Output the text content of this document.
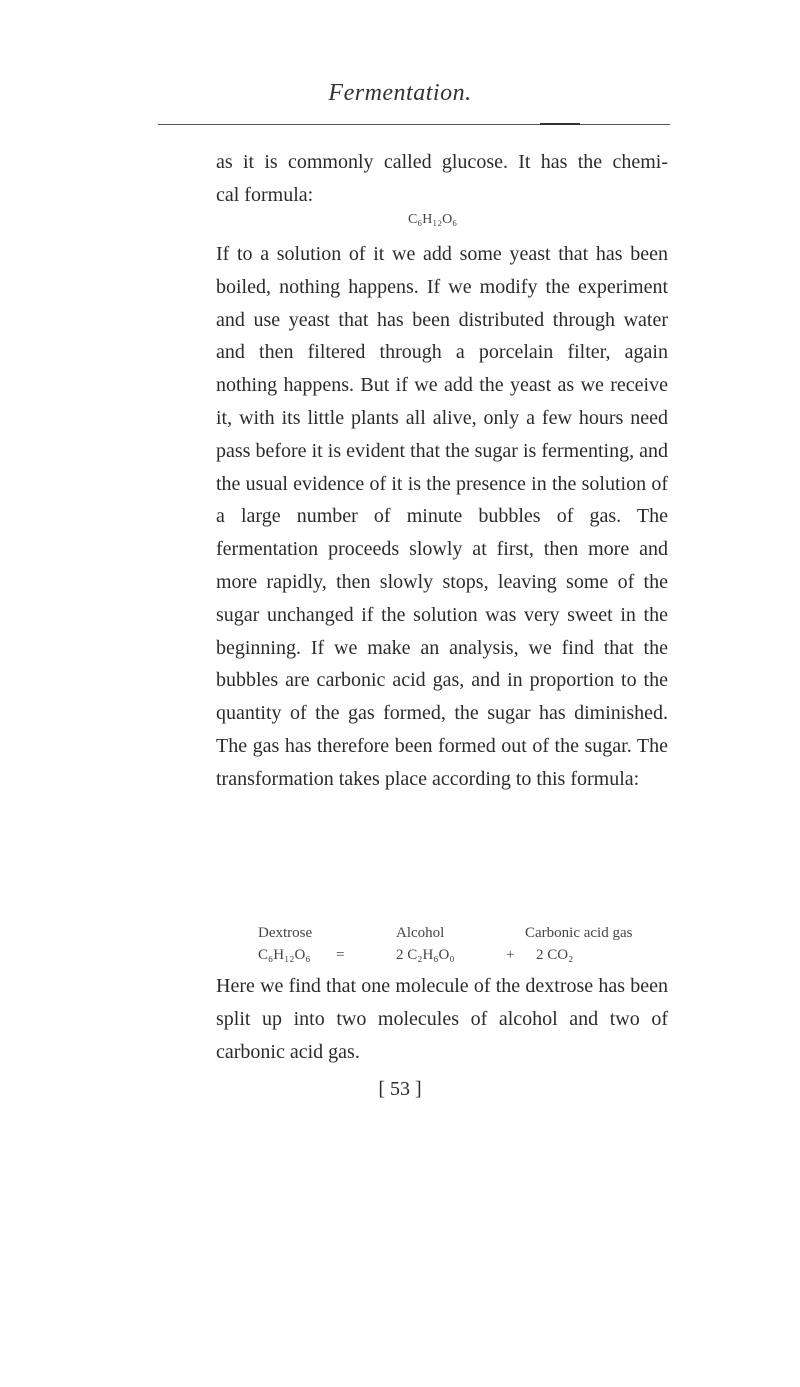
Fermentation.

as it is commonly called glucose. It has the chemi-

cal formula:

C₆H₁₂O₆

If to a solution of it we add some yeast that has been boiled, nothing happens. If we modify the experiment and use yeast that has been distributed through water and then filtered through a porcelain filter, again nothing happens. But if we add the yeast as we receive it, with its little plants all alive, only a few hours need pass before it is evident that the sugar is fermenting, and the usual evidence of it is the presence in the solution of a large number of minute bubbles of gas. The fermentation proceeds slowly at first, then more and more rapidly, then slowly stops, leaving some of the sugar unchanged if the solution was very sweet in the beginning. If we make an analysis, we find that the bubbles are carbonic acid gas, and in proportion to the quantity of the gas formed, the sugar has diminished. The gas has therefore been formed out of the sugar. The transformation takes place according to this formula:

Dextrose	Alcohol	Carbonic acid gas
C₆H₁₂O₆ =	2 C₂H₆O₀	+ 2 CO₂

Here we find that one molecule of the dextrose has been split up into two molecules of alcohol and two of carbonic acid gas.

[ 53 ]
